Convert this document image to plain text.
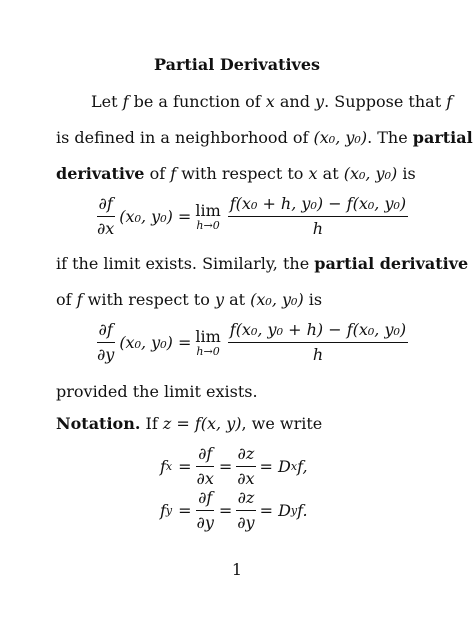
Partial Derivatives
Let f be a function of x and y. Suppose that f
is defined in a neighborhood of (x₀, y₀). The partial
derivative of f with respect to x at (x₀, y₀) is
$\frac{\partial f}{\partial x} (x_0$, y₀) = lim
$h\to 0 \frac{\text{f(x₀ + h, y₀) − f(x₀, y₀)}}{h}$
if the limit exists. Similarly, the partial derivative
of f with respect to y at (x₀, y₀) is
$\frac{\partial f}{\partial y} (x_0$, y₀) = lim
$h\to 0 \frac{\text{f(x₀, y₀ + h) − f(x₀, y₀)}}{h}$
provided the limit exists.
Notation. If z = f(x, y), we write
f $x = \frac{\partial f}{\partial x} = \frac{\partial z}{\partial x} = D$ x f,
f $y = \frac{\partial f}{\partial y} = \frac{\partial z}{\partial y} = D$ y f.
1
